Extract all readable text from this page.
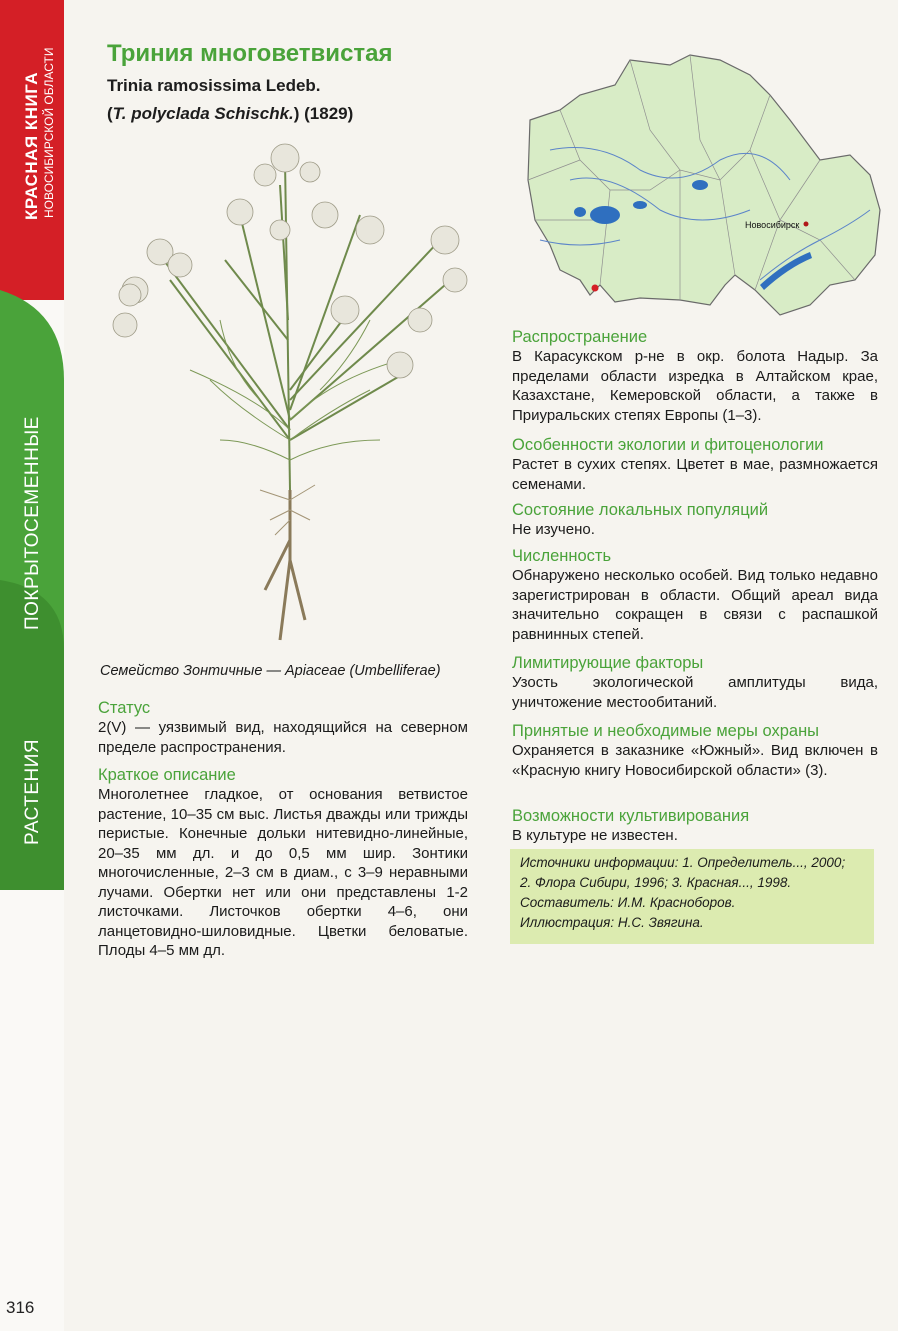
КРАСНАЯ КНИГА НОВОСИБИРСКОЙ ОБЛАСТИ
ПОКРЫТОСЕМЕННЫЕ
РАСТЕНИЯ
316
Триния многоветвистая
Trinia ramosissima Ledeb.
(T. polyclada Schischk.) (1829)
Семейство Зонтичные — Apiaceae (Umbelliferae)
Статус

2(V) — уязвимый вид, находящийся на северном пределе распространения.

Краткое описание

Многолетнее гладкое, от основания ветвистое растение, 10–35 см выс. Листья дважды или трижды перистые. Конечные дольки нитевидно-линейные, 20–35 мм дл. и до 0,5 мм шир. Зонтики многочисленные, 2–3 см в диам., с 3–9 неравными лучами. Обертки нет или они представлены 1-2 листочками. Листочков обертки 4–6, они ланцетовидно-шиловидные. Цветки беловатые. Плоды 4–5 мм дл.

Новосибирск
Распространение

В Карасукском р-не в окр. болота Надыр. За пределами области изредка в Алтайском крае, Казахстане, Кемеровской области, а также в Приуральских степях Европы (1–3).

Особенности экологии и фитоценологии

Растет в сухих степях. Цветет в мае, размножается семенами.

Состояние локальных популяций

Не изучено.

Численность

Обнаружено несколько особей. Вид только недавно зарегистрирован в области. Общий ареал вида значительно сокращен в связи с распашкой равнинных степей.

Лимитирующие факторы

Узость экологической амплитуды вида, уничтожение местообитаний.

Принятые и необходимые меры охраны

Охраняется в заказнике «Южный». Вид включен в «Красную книгу Новосибирской области» (3).

Возможности культивирования

В культуре не известен.

Источники информации: 1. Определитель..., 2000;
2. Флора Сибири, 1996; 3. Красная..., 1998.
Составитель: И.М. Красноборов.
Иллюстрация: Н.С. Звягина.
